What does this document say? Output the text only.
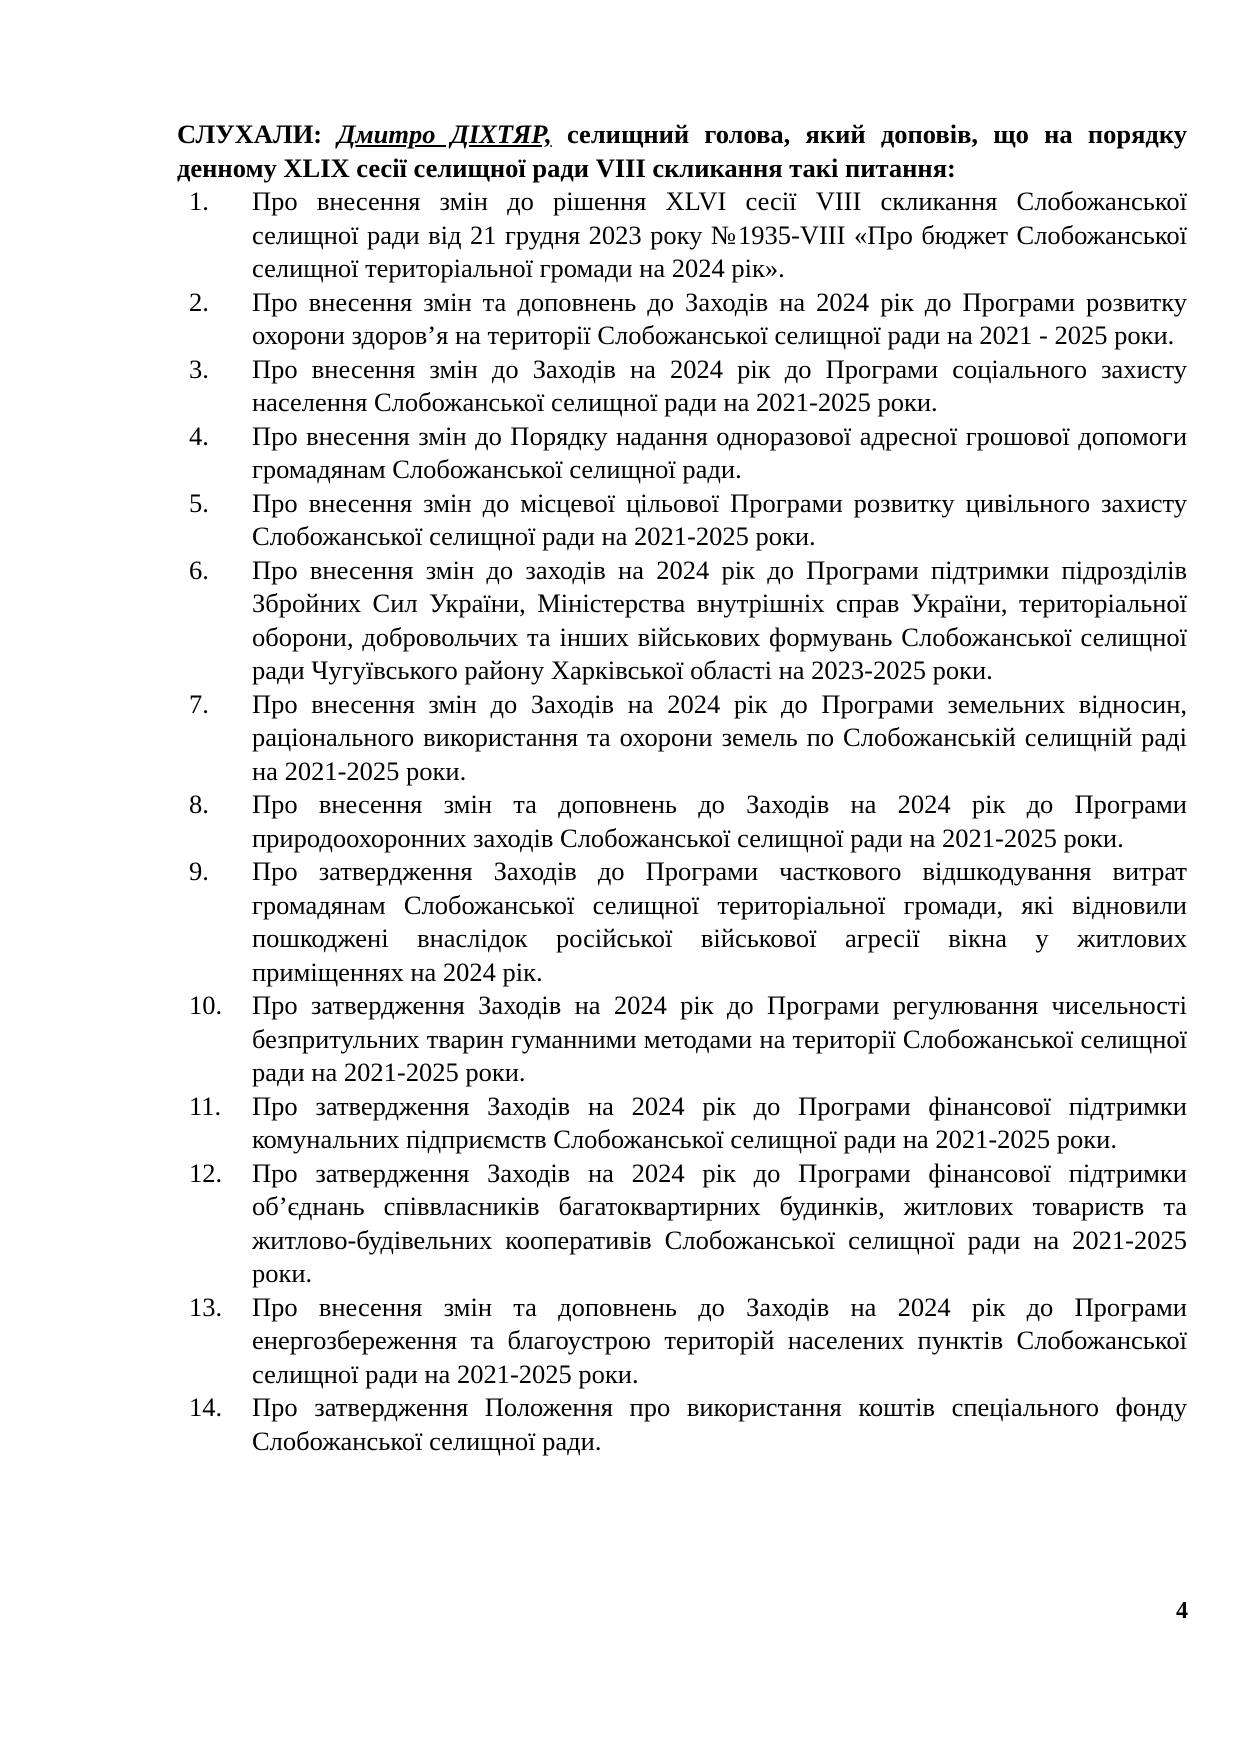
СЛУХАЛИ: Дмитро ДІХТЯР, селищний голова, який доповів, що на порядку денному XLIX сесії селищної ради VIII скликання такі питання:

1. Про внесення змін до рішення XLVI сесії VIII скликання Слобожанської селищної ради від 21 грудня 2023 року №1935-VIII «Про бюджет Слобожанської селищної територіальної громади на 2024 рік».
2. Про внесення змін та доповнень до Заходів на 2024 рік до Програми розвитку охорони здоров’я на території Слобожанської селищної ради на 2021 - 2025 роки.
3. Про внесення змін до Заходів на 2024 рік до Програми соціального захисту населення Слобожанської селищної ради на 2021-2025 роки.
4. Про внесення змін до Порядку надання одноразової адресної грошової допомоги громадянам Слобожанської селищної ради.
5. Про внесення змін до місцевої цільової Програми розвитку цивільного захисту Слобожанської селищної ради на 2021-2025 роки.
6. Про внесення змін до заходів на 2024 рік до Програми підтримки підрозділів Збройних Сил України, Міністерства внутрішніх справ України, територіальної оборони, добровольчих та інших військових формувань Слобожанської селищної ради Чугуївського району Харківської області на 2023-2025 роки.
7. Про внесення змін до Заходів на 2024 рік до Програми земельних відносин, раціонального використання та охорони земель по Слобожанській селищній раді на 2021-2025 роки.
8. Про внесення змін та доповнень до Заходів на 2024 рік до Програми природоохоронних заходів Слобожанської селищної ради на 2021-2025 роки.
9. Про затвердження Заходів до Програми часткового відшкодування витрат громадянам Слобожанської селищної територіальної громади, які відновили пошкоджені внаслідок російської військової агресії вікна у житлових приміщеннях на 2024 рік.
10. Про затвердження Заходів на 2024 рік до Програми регулювання чисельності безпритульних тварин гуманними методами на території Слобожанської селищної ради на 2021-2025 роки.
11. Про затвердження Заходів на 2024 рік до Програми фінансової підтримки комунальних підприємств Слобожанської селищної ради на 2021-2025 роки.
12. Про затвердження Заходів на 2024 рік до Програми фінансової підтримки об’єднань співвласників багатоквартирних будинків, житлових товариств та житлово-будівельних кооперативів Слобожанської селищної ради на 2021-2025 роки.
13. Про внесення змін та доповнень до Заходів на 2024 рік до Програми енергозбереження та благоустрою територій населених пунктів Слобожанської селищної ради на 2021-2025 роки.
14. Про затвердження Положення про використання коштів спеціального фонду Слобожанської селищної ради.
4
